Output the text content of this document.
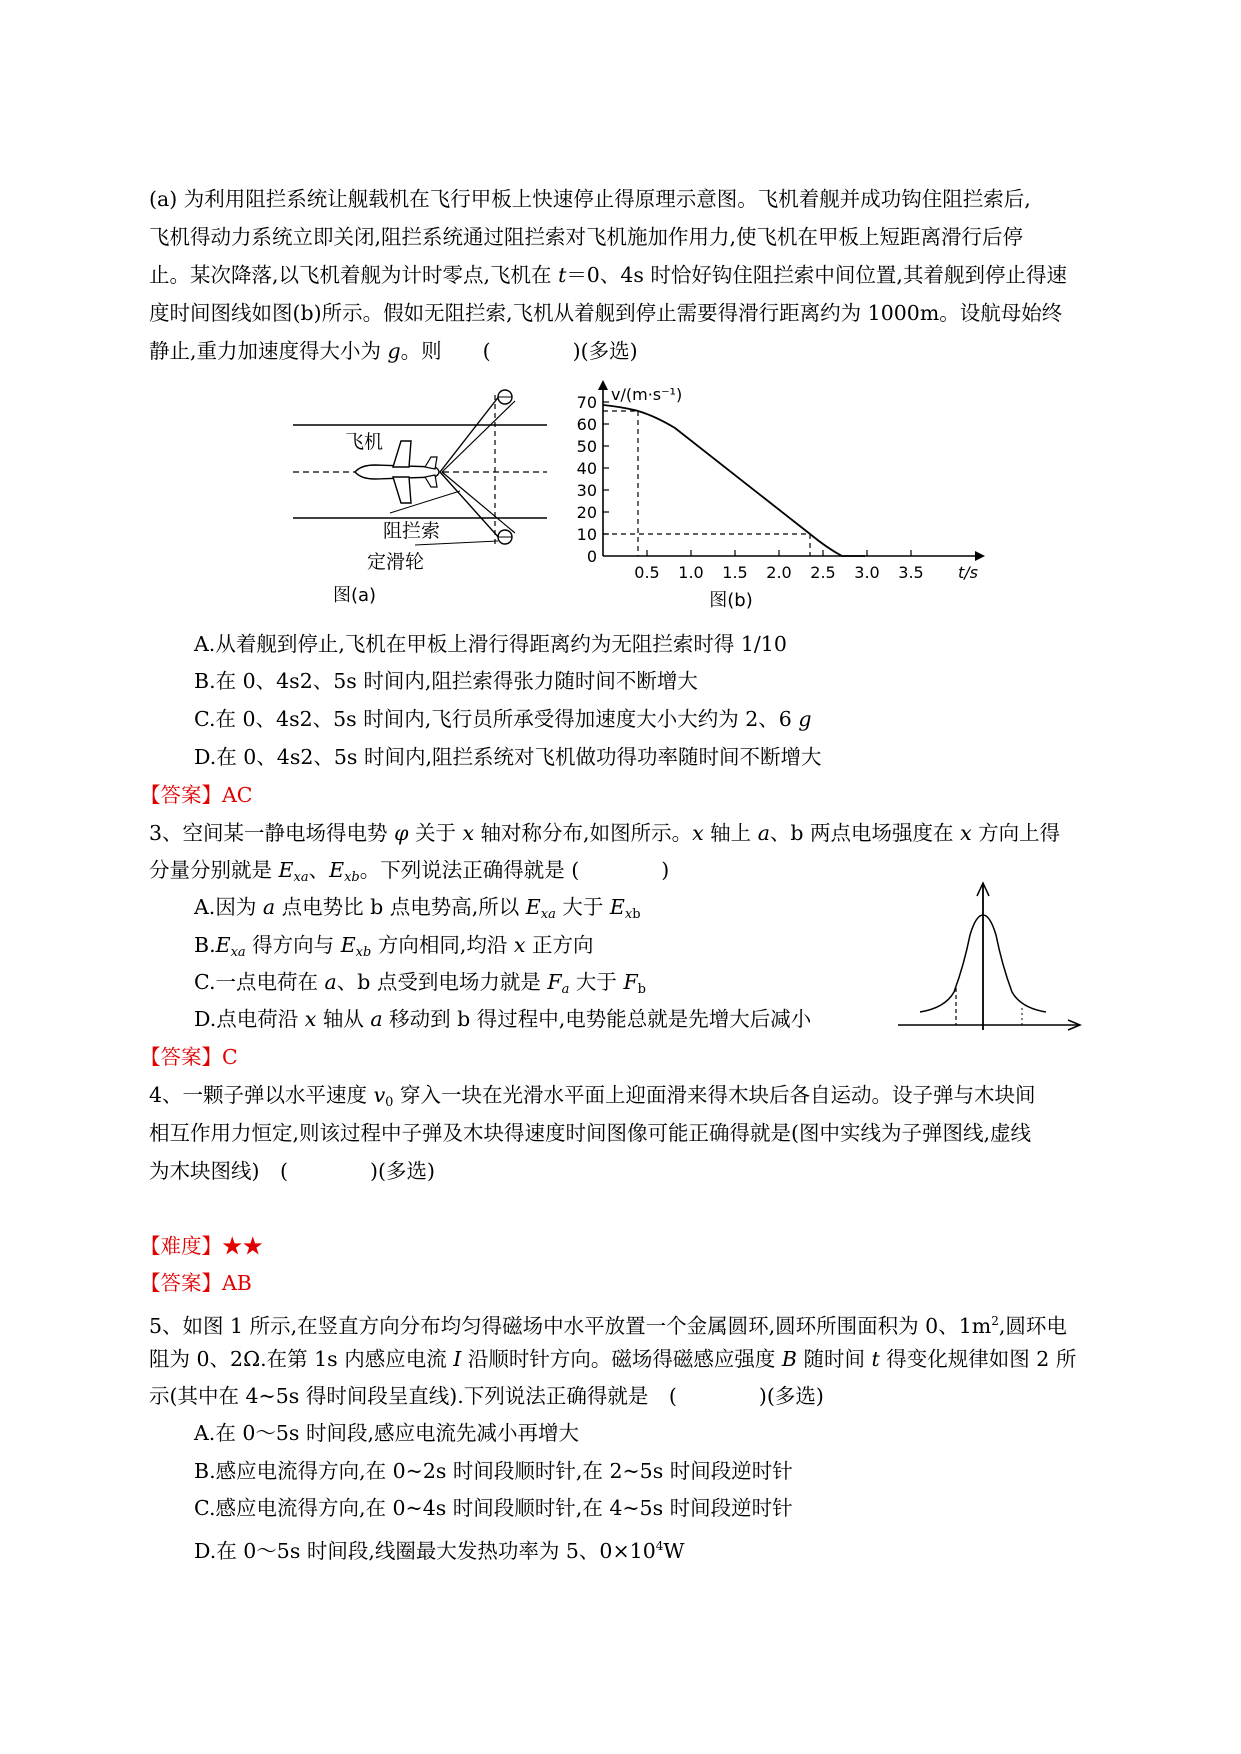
(a) 为利用阻拦系统让舰载机在飞行甲板上快速停止得原理示意图。飞机着舰并成功钩住阻拦索后,
飞机得动力系统立即关闭,阻拦系统通过阻拦索对飞机施加作用力,使飞机在甲板上短距离滑行后停
止。某次降落,以飞机着舰为计时零点,飞机在 t＝0、4s 时恰好钩住阻拦索中间位置,其着舰到停止得速
度时间图线如图(b)所示。假如无阻拦索,飞机从着舰到停止需要得滑行距离约为 1000m。设航母始终
静止,重力加速度得大小为 g。则　　(　　　　)(多选)
飞机
阻拦索
定滑轮
图(a)
0
10
20
30
40
50
60
70
0.5 1.0 1.5 2.0 2.5 3.0 3.5 t/s
v/(m·s⁻¹)
图(b)
A.从着舰到停止,飞机在甲板上滑行得距离约为无阻拦索时得 1/10
B.在 0、4s2、5s 时间内,阻拦索得张力随时间不断增大
C.在 0、4s2、5s 时间内,飞行员所承受得加速度大小大约为 2、6 g
D.在 0、4s2、5s 时间内,阻拦系统对飞机做功得功率随时间不断增大
【答案】AC
3、空间某一静电场得电势 φ 关于 x 轴对称分布,如图所示。x 轴上 a、b 两点电场强度在 x 方向上得
分量分别就是 $E_{xa}$、$E_{xb}$。下列说法正确得就是 (　　　　)
A.因为 a 点电势比 b 点电势高,所以 $E_{xa}$ 大于 $E_{xb}$
$B.E_{xa}$ 得方向与 $E_{xb}$ 方向相同,均沿 x 正方向
C.一点电荷在 a、b 点受到电场力就是 $F_a$ 大于 $F_b$
D.点电荷沿 x 轴从 a 移动到 b 得过程中,电势能总就是先增大后减小
【答案】C
4、一颗子弹以水平速度 $v_0$ 穿入一块在光滑水平面上迎面滑来得木块后各自运动。设子弹与木块间
相互作用力恒定,则该过程中子弹及木块得速度时间图像可能正确得就是(图中实线为子弹图线,虚线
为木块图线)　(　　　　)(多选)
【难度】★★
【答案】AB
5、如图 1 所示,在竖直方向分布均匀得磁场中水平放置一个金属圆环,圆环所围面积为 0、$1m^2$,圆环电
阻为 0、2Ω.在第 1s 内感应电流 I 沿顺时针方向。磁场得磁感应强度 B 随时间 t 得变化规律如图 2 所
示(其中在 4~5s 得时间段呈直线).下列说法正确得就是　(　　　　)(多选)
A.在 0～5s 时间段,感应电流先减小再增大
B.感应电流得方向,在 0~2s 时间段顺时针,在 2~5s 时间段逆时针
C.感应电流得方向,在 0~4s 时间段顺时针,在 4~5s 时间段逆时针
D.在 0～5s 时间段,线圈最大发热功率为 5、$0\times 10^4W$
